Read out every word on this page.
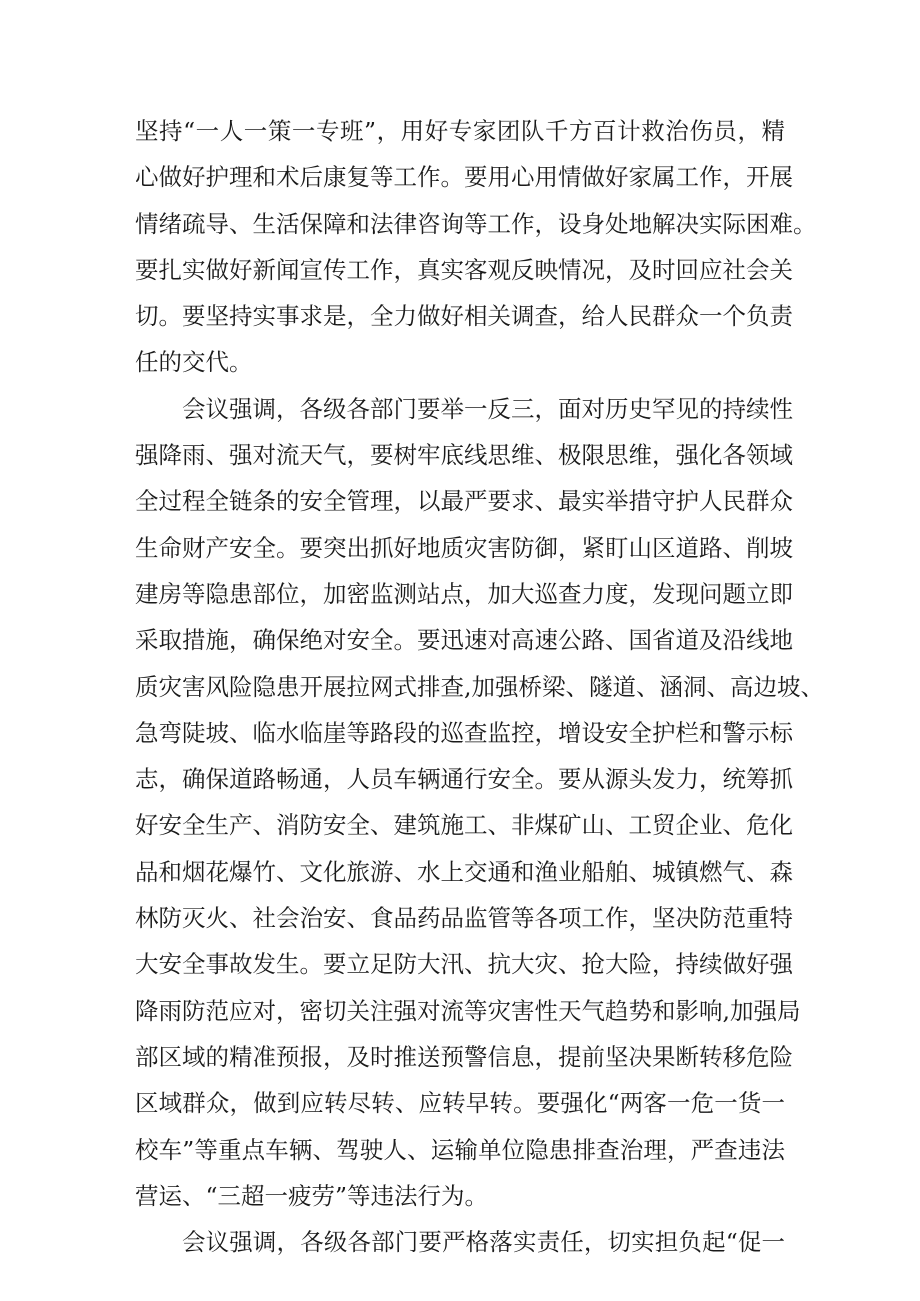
坚持“一人一策一专班”，用好专家团队千方百计救治伤员，精
心做好护理和术后康复等工作。要用心用情做好家属工作，开展
情绪疏导、生活保障和法律咨询等工作，设身处地解决实际困难。
要扎实做好新闻宣传工作，真实客观反映情况，及时回应社会关
切。要坚持实事求是，全力做好相关调查，给人民群众一个负责
任的交代。
会议强调，各级各部门要举一反三，面对历史罕见的持续性
强降雨、强对流天气，要树牢底线思维、极限思维，强化各领域
全过程全链条的安全管理，以最严要求、最实举措守护人民群众
生命财产安全。要突出抓好地质灾害防御，紧盯山区道路、削坡
建房等隐患部位，加密监测站点，加大巡查力度，发现问题立即
采取措施，确保绝对安全。要迅速对高速公路、国省道及沿线地
质灾害风险隐患开展拉网式排查,加强桥梁、隧道、涵洞、高边坡、
急弯陡坡、临水临崖等路段的巡查监控，增设安全护栏和警示标
志，确保道路畅通，人员车辆通行安全。要从源头发力，统筹抓
好安全生产、消防安全、建筑施工、非煤矿山、工贸企业、危化
品和烟花爆竹、文化旅游、水上交通和渔业船舶、城镇燃气、森
林防灭火、社会治安、食品药品监管等各项工作，坚决防范重特
大安全事故发生。要立足防大汛、抗大灾、抢大险，持续做好强
降雨防范应对，密切关注强对流等灾害性天气趋势和影响,加强局
部区域的精准预报，及时推送预警信息，提前坚决果断转移危险
区域群众，做到应转尽转、应转早转。要强化“两客一危一货一
校车”等重点车辆、驾驶人、运输单位隐患排查治理，严查违法
营运、“三超一疲劳”等违法行为。
会议强调，各级各部门要严格落实责任，切实担负起“促一
